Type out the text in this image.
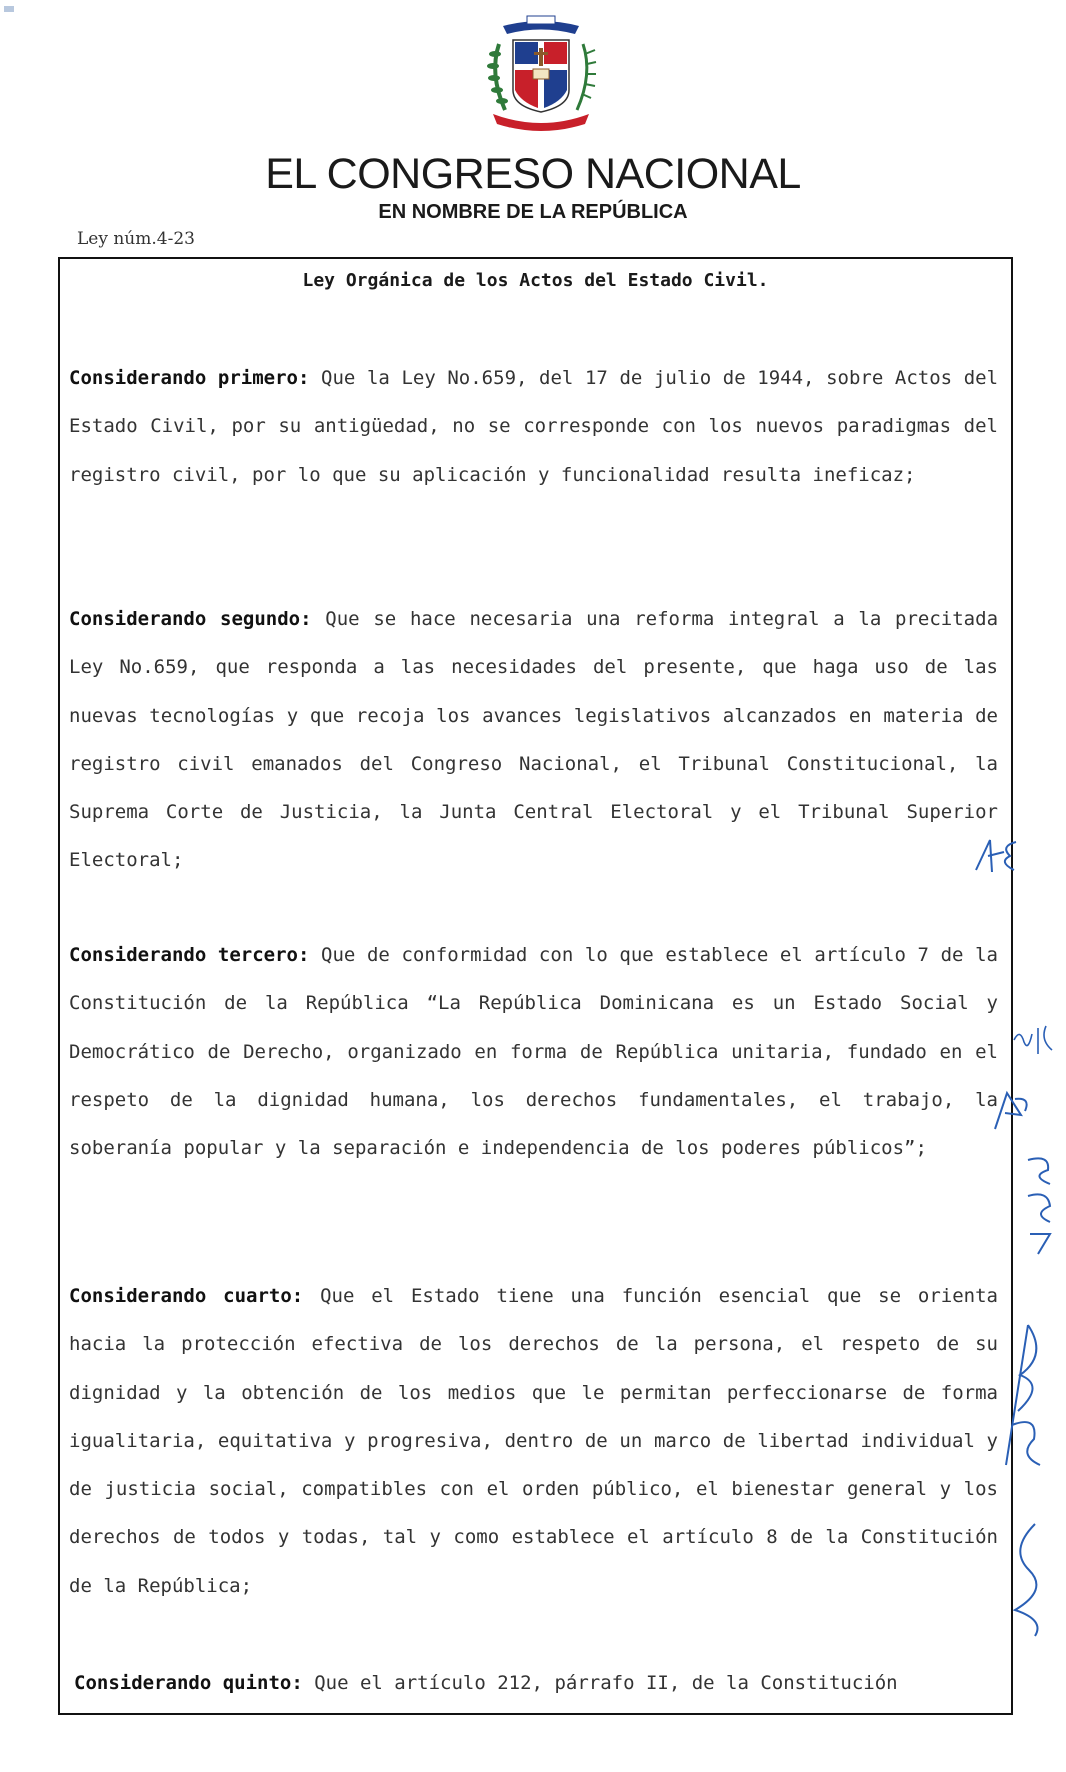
EL CONGRESO NACIONAL
EN NOMBRE DE LA REPÚBLICA
Ley núm.4-23
Ley Orgánica de los Actos del Estado Civil.

Considerando primero: Que la Ley No.659, del 17 de julio de 1944, sobre Actos del Estado Civil, por su antigüedad, no se corresponde con los nuevos paradigmas del registro civil, por lo que su aplicación y funcionalidad resulta ineficaz;

Considerando segundo: Que se hace necesaria una reforma integral a la precitada Ley No.659, que responda a las necesidades del presente, que haga uso de las nuevas tecnologías y que recoja los avances legislativos alcanzados en materia de registro civil emanados del Congreso Nacional, el Tribunal Constitucional, la Suprema Corte de Justicia, la Junta Central Electoral y el Tribunal Superior Electoral;

Considerando tercero: Que de conformidad con lo que establece el artículo 7 de la Constitución de la República “La República Dominicana es un Estado Social y Democrático de Derecho, organizado en forma de República unitaria, fundado en el respeto de la dignidad humana, los derechos fundamentales, el trabajo, la soberanía popular y la separación e independencia de los poderes públicos”;

Considerando cuarto: Que el Estado tiene una función esencial que se orienta hacia la protección efectiva de los derechos de la persona, el respeto de su dignidad y la obtención de los medios que le permitan perfeccionarse de forma igualitaria, equitativa y progresiva, dentro de un marco de libertad individual y de justicia social, compatibles con el orden público, el bienestar general y los derechos de todos y todas, tal y como establece el artículo 8 de la Constitución de la República;

Considerando quinto: Que el artículo 212, párrafo II, de la Constitución
